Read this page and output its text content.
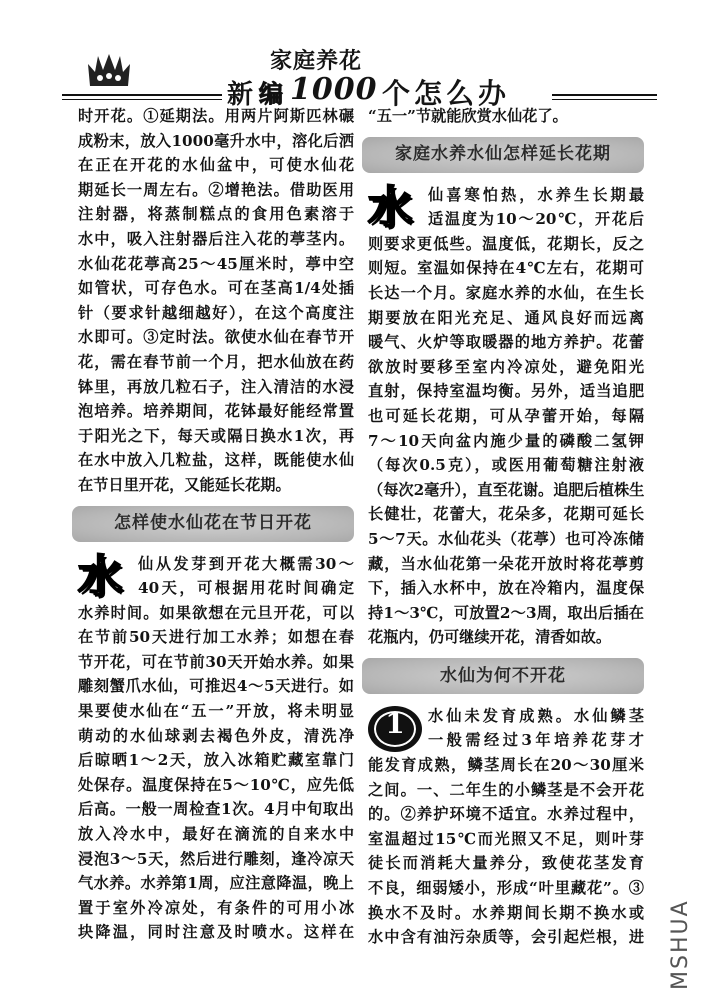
家庭养花
新 编 1000 个怎么办
时开花。①延期法。用两片阿斯匹林碾
成粉末，放入1000毫升水中，溶化后洒
在正在开花的水仙盆中，可使水仙花
期延长一周左右。②增艳法。借助医用
注射器，将蒸制糕点的食用色素溶于
水中，吸入注射器后注入花的葶茎内。
水仙花花葶高25～45厘米时，葶中空
如管状，可存色水。可在茎高1/4处插
针（要求针越细越好），在这个高度注
水即可。③定时法。欲使水仙在春节开
花，需在春节前一个月，把水仙放在药
钵里，再放几粒石子，注入清洁的水浸
泡培养。培养期间，花钵最好能经常置
于阳光之下，每天或隔日换水1次，再
在水中放入几粒盐，这样，既能使水仙
在节日里开花，又能延长花期。
怎样使水仙花在节日开花
水	仙从发芽到开花大概需30～
40天，可根据用花时间确定
水养时间。如果欲想在元旦开花，可以
在节前50天进行加工水养；如想在春
节开花，可在节前30天开始水养。如果
雕刻蟹爪水仙，可推迟4～5天进行。如
果要使水仙在“五一”开放，将未明显
萌动的水仙球剥去褐色外皮，清洗净
后晾晒1～2天，放入冰箱贮藏室靠门
处保存。温度保持在5～10℃，应先低
后高。一般一周检查1次。4月中旬取出
放入冷水中，最好在滴流的自来水中
浸泡3～5天，然后进行雕刻，逢冷凉天
气水养。水养第1周，应注意降温，晚上
置于室外冷凉处，有条件的可用小冰
块降温，同时注意及时喷水。这样在
“五一”节就能欣赏水仙花了。
家庭水养水仙怎样延长花期
水	仙喜寒怕热，水养生长期最
适温度为10～20℃，开花后
则要求更低些。温度低，花期长，反之
则短。室温如保持在4℃左右，花期可
长达一个月。家庭水养的水仙，在生长
期要放在阳光充足、通风良好而远离
暖气、火炉等取暖器的地方养护。花蕾
欲放时要移至室内冷凉处，避免阳光
直射，保持室温均衡。另外，适当追肥
也可延长花期，可从孕蕾开始，每隔
7～10天向盆内施少量的磷酸二氢钾
（每次0.5克），或医用葡萄糖注射液
（每次2毫升），直至花谢。追肥后植株生
长健壮，花蕾大，花朵多，花期可延长
5～7天。水仙花头（花葶）也可冷冻储
藏，当水仙花第一朵花开放时将花葶剪
下，插入水杯中，放在冷箱内，温度保
持1～3℃，可放置2～3周，取出后插在
花瓶内，仍可继续开花，清香如故。
水仙为何不开花
1	水仙未发育成熟。水仙鳞茎
一般需经过3年培养花芽才
能发育成熟，鳞茎周长在20～30厘米
之间。一、二年生的小鳞茎是不会开花
的。②养护环境不适宜。水养过程中，
室温超过15℃而光照又不足，则叶芽
徒长而消耗大量养分，致使花茎发育
不良，细弱矮小，形成“叶里藏花”。③
换水不及时。水养期间长期不换水或
水中含有油污杂质等，会引起烂根，进 MSHUA
